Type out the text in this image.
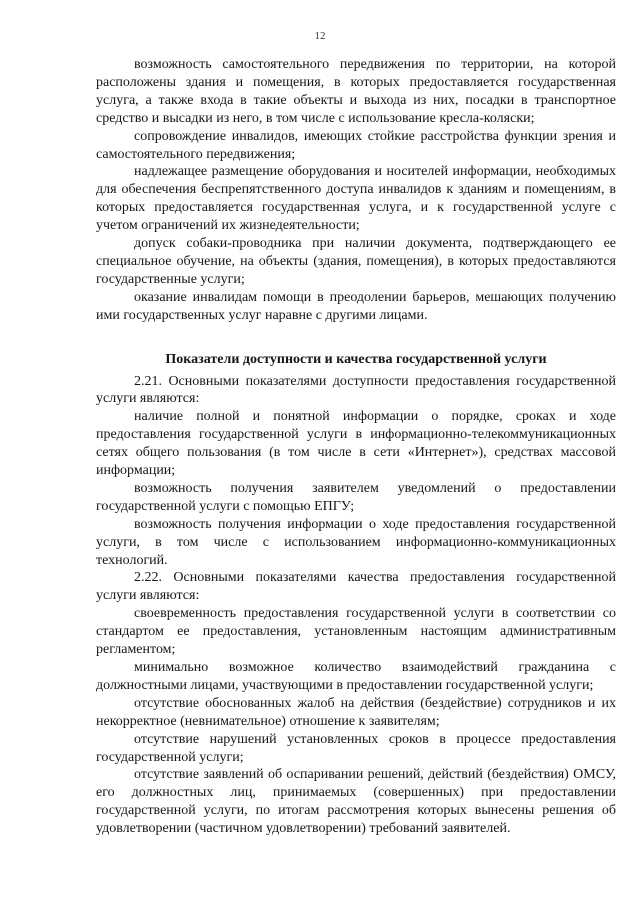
12

возможность самостоятельного передвижения по территории, на которой расположены здания и помещения, в которых предоставляется государственная услуга, а также входа в такие объекты и выхода из них, посадки в транспортное средство и высадки из него, в том числе с использование кресла-коляски;

сопровождение инвалидов, имеющих стойкие расстройства функции зрения и самостоятельного передвижения;

надлежащее размещение оборудования и носителей информации, необходимых для обеспечения беспрепятственного доступа инвалидов к зданиям и помещениям, в которых предоставляется государственная услуга, и к государственной услуге с учетом ограничений их жизнедеятельности;

допуск собаки-проводника при наличии документа, подтверждающего ее специальное обучение, на объекты (здания, помещения), в которых предоставляются государственные услуги;

оказание инвалидам помощи в преодолении барьеров, мешающих получению ими государственных услуг наравне с другими лицами.

Показатели доступности и качества государственной услуги

2.21. Основными показателями доступности предоставления государственной услуги являются:

наличие полной и понятной информации о порядке, сроках и ходе предоставления государственной услуги в информационно-телекоммуникационных сетях общего пользования (в том числе в сети «Интернет»), средствах массовой информации;

возможность получения заявителем уведомлений о предоставлении государственной услуги с помощью ЕПГУ;

возможность получения информации о ходе предоставления государственной услуги, в том числе с использованием информационно-коммуникационных технологий.

2.22. Основными показателями качества предоставления государственной услуги являются:

своевременность предоставления государственной услуги в соответствии со стандартом ее предоставления, установленным настоящим административным регламентом;

минимально возможное количество взаимодействий гражданина с должностными лицами, участвующими в предоставлении государственной услуги;

отсутствие обоснованных жалоб на действия (бездействие) сотрудников и их некорректное (невнимательное) отношение к заявителям;

отсутствие нарушений установленных сроков в процессе предоставления государственной услуги;

отсутствие заявлений об оспаривании решений, действий (бездействия) ОМСУ, его должностных лиц, принимаемых (совершенных) при предоставлении государственной услуги, по итогам рассмотрения которых вынесены решения об удовлетворении (частичном удовлетворении) требований заявителей.
